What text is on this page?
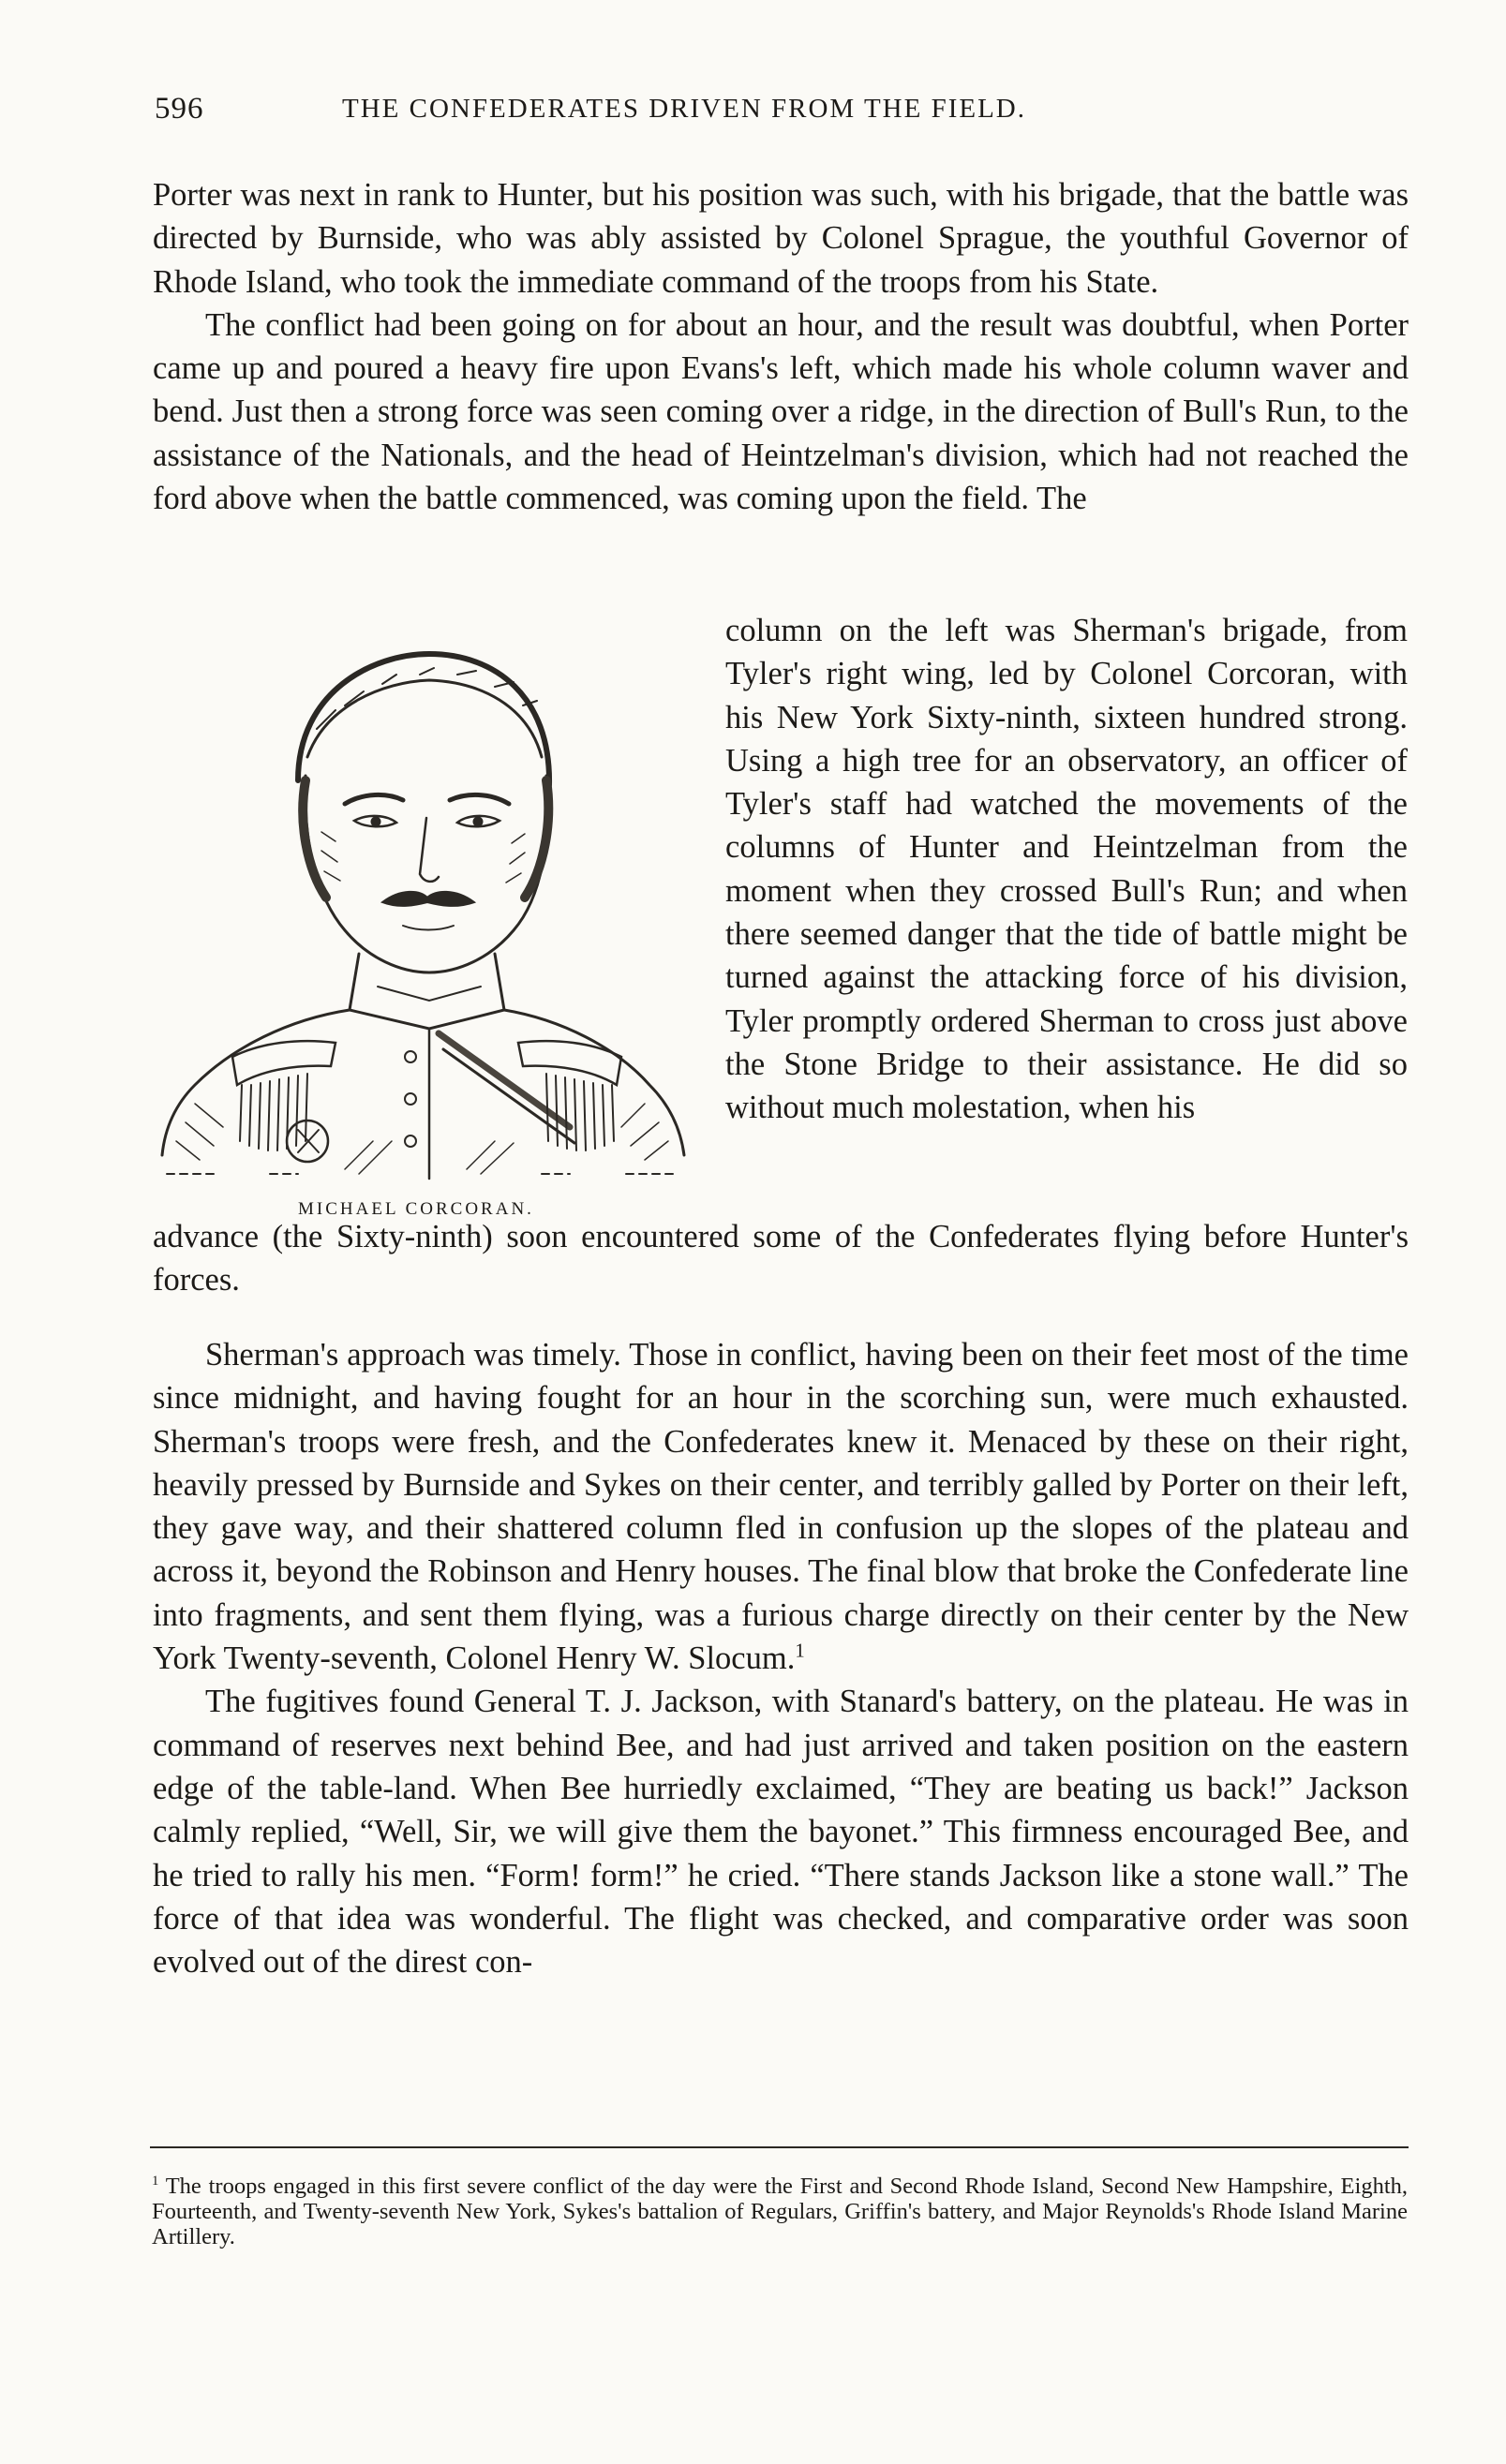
596	THE CONFEDERATES DRIVEN FROM THE FIELD.

Porter was next in rank to Hunter, but his position was such, with his brigade, that the battle was directed by Burnside, who was ably assisted by Colonel Sprague, the youthful Governor of Rhode Island, who took the immediate command of the troops from his State.

The conflict had been going on for about an hour, and the result was doubtful, when Porter came up and poured a heavy fire upon Evans's left, which made his whole column waver and bend. Just then a strong force was seen coming over a ridge, in the direction of Bull's Run, to the assistance of the Nationals, and the head of Heintzelman's division, which had not reached the ford above when the battle commenced, was coming upon the field. The

MICHAEL CORCORAN.

column on the left was Sherman's brigade, from Tyler's right wing, led by Colonel Corcoran, with his New York Sixty-ninth, sixteen hundred strong. Using a high tree for an observatory, an officer of Tyler's staff had watched the movements of the columns of Hunter and Heintzelman from the moment when they crossed Bull's Run; and when there seemed danger that the tide of battle might be turned against the attacking force of his division, Tyler promptly ordered Sherman to cross just above the Stone Bridge to their assistance. He did so without much molestation, when his

advance (the Sixty-ninth) soon encountered some of the Confederates flying before Hunter's forces.

Sherman's approach was timely. Those in conflict, having been on their feet most of the time since midnight, and having fought for an hour in the scorching sun, were much exhausted. Sherman's troops were fresh, and the Confederates knew it. Menaced by these on their right, heavily pressed by Burnside and Sykes on their center, and terribly galled by Porter on their left, they gave way, and their shattered column fled in confusion up the slopes of the plateau and across it, beyond the Robinson and Henry houses. The final blow that broke the Confederate line into fragments, and sent them flying, was a furious charge directly on their center by the New York Twenty-seventh, Colonel Henry W. Slocum.$^1$

The fugitives found General T. J. Jackson, with Stanard's battery, on the plateau. He was in command of reserves next behind Bee, and had just arrived and taken position on the eastern edge of the table-land. When Bee hurriedly exclaimed, “They are beating us back!” Jackson calmly replied, “Well, Sir, we will give them the bayonet.” This firmness encouraged Bee, and he tried to rally his men. “Form! form!” he cried. “There stands Jackson like a stone wall.” The force of that idea was wonderful. The flight was checked, and comparative order was soon evolved out of the direst con-

$^1$ The troops engaged in this first severe conflict of the day were the First and Second Rhode Island, Second New Hampshire, Eighth, Fourteenth, and Twenty-seventh New York, Sykes's battalion of Regulars, Griffin's battery, and Major Reynolds's Rhode Island Marine Artillery.
